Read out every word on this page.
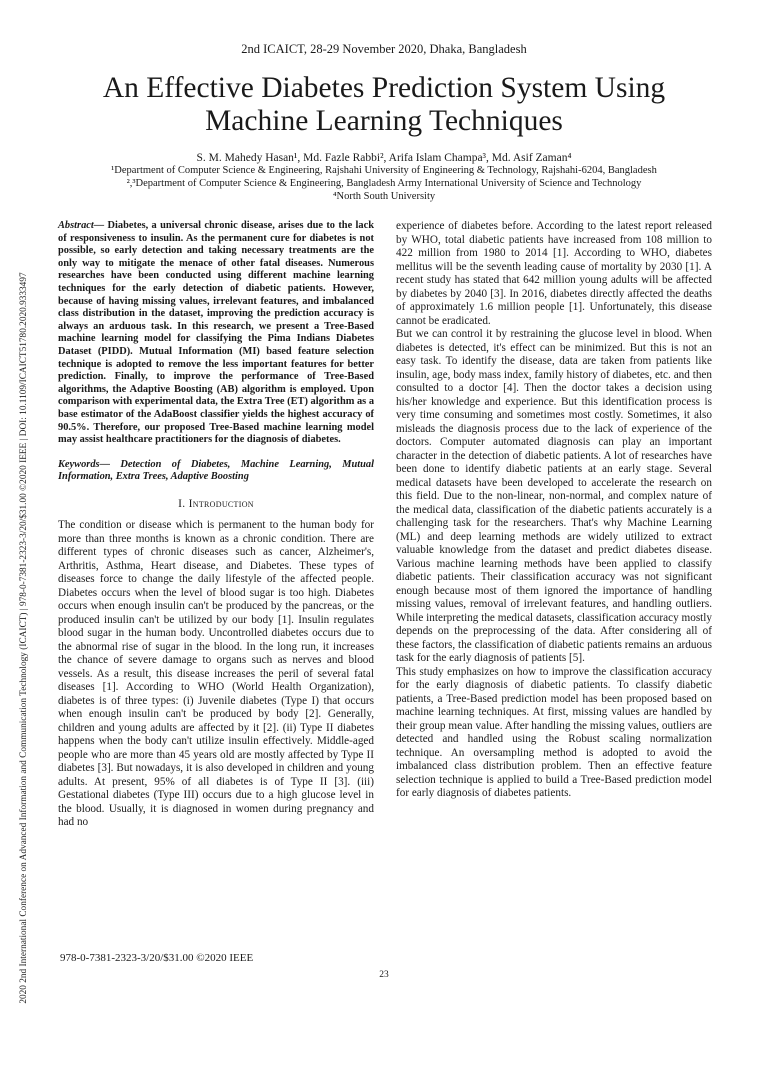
2020 2nd International Conference on Advanced Information and Communication Technology (ICAICT) | 978-0-7381-2323-3/20/$31.00 ©2020 IEEE | DOI: 10.1109/ICAICT51780.2020.9333497
2nd ICAICT, 28-29 November 2020, Dhaka, Bangladesh
An Effective Diabetes Prediction System Using
Machine Learning Techniques
S. M. Mahedy Hasan¹, Md. Fazle Rabbi², Arifa Islam Champa³, Md. Asif Zaman⁴
¹Department of Computer Science & Engineering, Rajshahi University of Engineering & Technology, Rajshahi-6204, Bangladesh
²,³Department of Computer Science & Engineering, Bangladesh Army International University of Science and Technology
⁴North South University

Abstract— Diabetes, a universal chronic disease, arises due to the lack of responsiveness to insulin. As the permanent cure for diabetes is not possible, so early detection and taking necessary treatments are the only way to mitigate the menace of other fatal diseases. Numerous researches have been conducted using different machine learning techniques for the early detection of diabetic patients. However, because of having missing values, irrelevant features, and imbalanced class distribution in the dataset, improving the prediction accuracy is always an arduous task. In this research, we present a Tree-Based machine learning model for classifying the Pima Indians Diabetes Dataset (PIDD). Mutual Information (MI) based feature selection technique is adopted to remove the less important features for better prediction. Finally, to improve the performance of Tree-Based algorithms, the Adaptive Boosting (AB) algorithm is employed. Upon comparison with experimental data, the Extra Tree (ET) algorithm as a base estimator of the AdaBoost classifier yields the highest accuracy of 90.5%. Therefore, our proposed Tree-Based machine learning model may assist healthcare practitioners for the diagnosis of diabetes.

Keywords— Detection of Diabetes, Machine Learning, Mutual Information, Extra Trees, Adaptive Boosting

I. Introduction

The condition or disease which is permanent to the human body for more than three months is known as a chronic condition. There are different types of chronic diseases such as cancer, Alzheimer's, Arthritis, Asthma, Heart disease, and Diabetes. These types of diseases force to change the daily lifestyle of the affected people. Diabetes occurs when the level of blood sugar is too high. Diabetes occurs when enough insulin can't be produced by the pancreas, or the produced insulin can't be utilized by our body [1]. Insulin regulates blood sugar in the human body. Uncontrolled diabetes occurs due to the abnormal rise of sugar in the blood. In the long run, it increases the chance of severe damage to organs such as nerves and blood vessels. As a result, this disease increases the peril of several fatal diseases [1]. According to WHO (World Health Organization), diabetes is of three types: (i) Juvenile diabetes (Type I) that occurs when enough insulin can't be produced by body [2]. Generally, children and young adults are affected by it [2]. (ii) Type II diabetes happens when the body can't utilize insulin effectively. Middle-aged people who are more than 45 years old are mostly affected by Type II diabetes [3]. But nowadays, it is also developed in children and young adults. At present, 95% of all diabetes is of Type II [3]. (iii) Gestational diabetes (Type III) occurs due to a high glucose level in the blood. Usually, it is diagnosed in women during pregnancy and had no

experience of diabetes before. According to the latest report released by WHO, total diabetic patients have increased from 108 million to 422 million from 1980 to 2014 [1]. According to WHO, diabetes mellitus will be the seventh leading cause of mortality by 2030 [1]. A recent study has stated that 642 million young adults will be affected by diabetes by 2040 [3]. In 2016, diabetes directly affected the deaths of approximately 1.6 million people [1]. Unfortunately, this disease cannot be eradicated.

But we can control it by restraining the glucose level in blood. When diabetes is detected, it's effect can be minimized. But this is not an easy task. To identify the disease, data are taken from patients like insulin, age, body mass index, family history of diabetes, etc. and then consulted to a doctor [4]. Then the doctor takes a decision using his/her knowledge and experience. But this identification process is very time consuming and sometimes most costly. Sometimes, it also misleads the diagnosis process due to the lack of experience of the doctors. Computer automated diagnosis can play an important character in the detection of diabetic patients. A lot of researches have been done to identify diabetic patients at an early stage. Several medical datasets have been developed to accelerate the research on this field. Due to the non-linear, non-normal, and complex nature of the medical data, classification of the diabetic patients accurately is a challenging task for the researchers. That's why Machine Learning (ML) and deep learning methods are widely utilized to extract valuable knowledge from the dataset and predict diabetes disease. Various machine learning methods have been applied to classify diabetic patients. Their classification accuracy was not significant enough because most of them ignored the importance of handling missing values, removal of irrelevant features, and handling outliers. While interpreting the medical datasets, classification accuracy mostly depends on the preprocessing of the data. After considering all of these factors, the classification of diabetic patients remains an arduous task for the early diagnosis of patients [5].

This study emphasizes on how to improve the classification accuracy for the early diagnosis of diabetic patients. To classify diabetic patients, a Tree-Based prediction model has been proposed based on machine learning techniques. At first, missing values are handled by their group mean value. After handling the missing values, outliers are detected and handled using the Robust scaling normalization technique. An oversampling method is adopted to avoid the imbalanced class distribution problem. Then an effective feature selection technique is applied to build a Tree-Based prediction model for early diagnosis of diabetes patients.

978-0-7381-2323-3/20/$31.00 ©2020 IEEE
23
